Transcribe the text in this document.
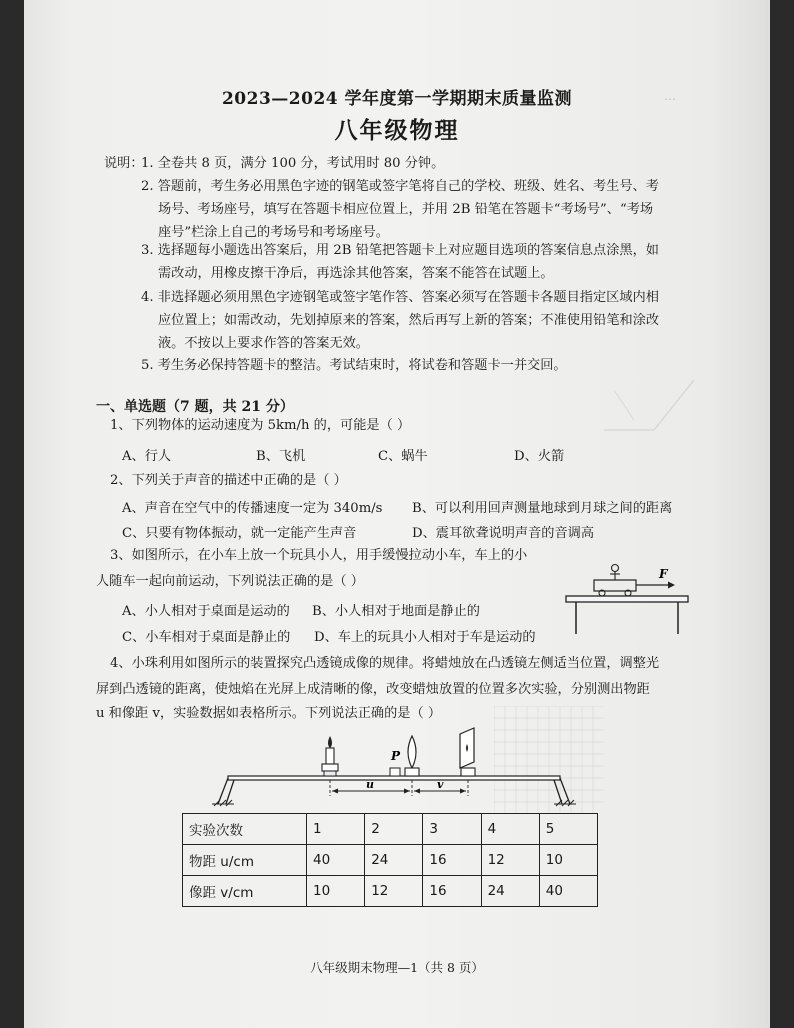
⋯
2023—2024 学年度第一学期期末质量监测
八年级物理
说明：
1. 全卷共 8 页，满分 100 分，考试用时 80 分钟。
2. 答题前，考生务必用黑色字迹的钢笔或签字笔将自己的学校、班级、姓名、考生号、考
场号、考场座号，填写在答题卡相应位置上，并用 2B 铅笔在答题卡“考场号”、“考场
座号”栏涂上自己的考场号和考场座号。
3. 选择题每小题选出答案后，用 2B 铅笔把答题卡上对应题目选项的答案信息点涂黑，如
需改动，用橡皮擦干净后，再选涂其他答案，答案不能答在试题上。
4. 非选择题必须用黑色字迹钢笔或签字笔作答、答案必须写在答题卡各题目指定区域内相
应位置上；如需改动，先划掉原来的答案，然后再写上新的答案；不准使用铅笔和涂改
液。不按以上要求作答的答案无效。
5. 考生务必保持答题卡的整洁。考试结束时，将试卷和答题卡一并交回。
一、单选题（7 题，共 21 分）
1、下列物体的运动速度为 5km/h 的，可能是（ ）
A、行人	B、飞机	C、蜗牛	D、火箭
2、下列关于声音的描述中正确的是（ ）
A、声音在空气中的传播速度一定为 340m/s B、可以利用回声测量地球到月球之间的距离
C、只要有物体振动，就一定能产生声音	D、震耳欲聋说明声音的音调高
3、如图所示，在小车上放一个玩具小人，用手缓慢拉动小车，车上的小
人随车一起向前运动，下列说法正确的是（ ）
A、小人相对于桌面是运动的 B、小人相对于地面是静止的
C、小车相对于桌面是静止的 D、车上的玩具小人相对于车是运动的
F
4、小珠利用如图所示的装置探究凸透镜成像的规律。将蜡烛放在凸透镜左侧适当位置，调整光
屏到凸透镜的距离，使烛焰在光屏上成清晰的像，改变蜡烛放置的位置多次实验，分别测出物距
u 和像距 v，实验数据如表格所示。下列说法正确的是（ ）
P
u	v
实验次数	1	2	3	4	5
物距 u/cm	40	24	16	12	10
像距 v/cm	10	12	16	24	40
八年级期末物理—1（共 8 页）
